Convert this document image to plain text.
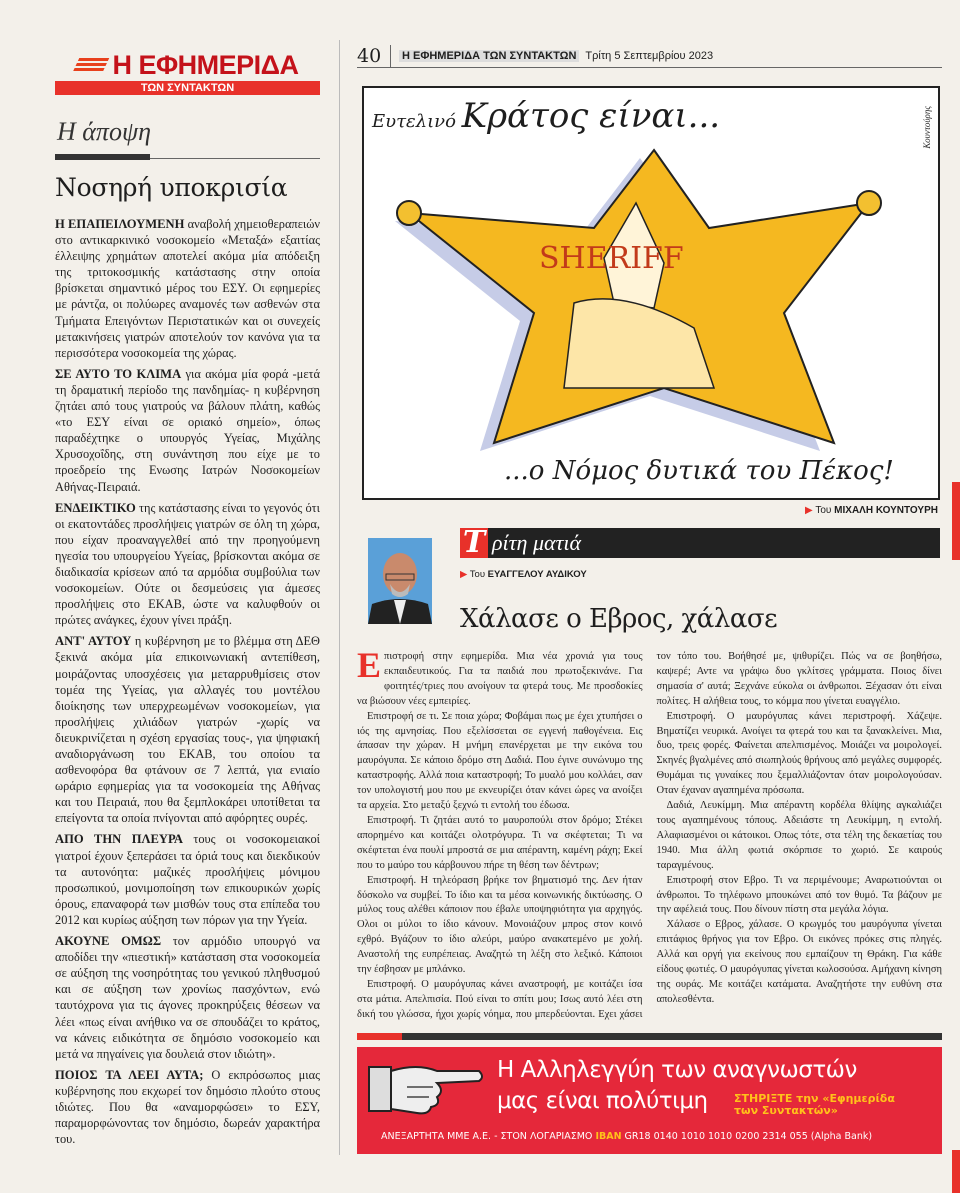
Η ΕΦΗΜΕΡΙΔΑ
ΤΩΝ ΣΥΝΤΑΚΤΩΝ
Η άποψη
Νοσηρή υποκρισία

Η ΕΠΑΠΕΙΛΟΥΜΕΝΗ αναβολή χημειοθεραπειών στο αντικαρκινικό νοσοκομείο «Μεταξά» εξαιτίας έλλειψης χρημάτων αποτελεί ακόμα μία απόδειξη της τριτοκοσμικής κατάστασης στην οποία βρίσκεται σημαντικό μέρος του ΕΣΥ. Οι εφημερίες με ράντζα, οι πολύωρες αναμονές των ασθενών στα Τμήματα Επειγόντων Περιστατικών και οι συνεχείς μετακινήσεις γιατρών αποτελούν τον κανόνα για τα περισσότερα νοσοκομεία της χώρας.

ΣΕ ΑΥΤΟ ΤΟ ΚΛΙΜΑ για ακόμα μία φορά -μετά τη δραματική περίοδο της πανδημίας- η κυβέρνηση ζητάει από τους γιατρούς να βάλουν πλάτη, καθώς «το ΕΣΥ είναι σε οριακό σημείο», όπως παραδέχτηκε ο υπουργός Υγείας, Μιχάλης Χρυσοχοΐδης, στη συνάντηση που είχε με το προεδρείο της Ενωσης Ιατρών Νοσοκομείων Αθήνας-Πειραιά.

ΕΝΔΕΙΚΤΙΚΟ της κατάστασης είναι το γεγονός ότι οι εκατοντάδες προσλήψεις γιατρών σε όλη τη χώρα, που είχαν προαναγγελθεί από την προηγούμενη ηγεσία του υπουργείου Υγείας, βρίσκονται ακόμα σε διαδικασία κρίσεων από τα αρμόδια συμβούλια των νοσοκομείων. Ούτε οι δεσμεύσεις για άμεσες προσλήψεις στο ΕΚΑΒ, ώστε να καλυφθούν οι πρώτες ανάγκες, έχουν γίνει πράξη.

ΑΝΤ' ΑΥΤΟΥ η κυβέρνηση με το βλέμμα στη ΔΕΘ ξεκινά ακόμα μία επικοινωνιακή αντεπίθεση, μοιράζοντας υποσχέσεις για μεταρρυθμίσεις στον τομέα της Υγείας, για αλλαγές του μοντέλου διοίκησης των υπερχρεωμένων νοσοκομείων, για προσλήψεις χιλιάδων γιατρών -χωρίς να διευκρινίζεται η σχέση εργασίας τους-, για ψηφιακή αναδιοργάνωση του ΕΚΑΒ, του οποίου τα ασθενοφόρα θα φτάνουν σε 7 λεπτά, για ενιαίο ωράριο εφημερίας για τα νοσοκομεία της Αθήνας και του Πειραιά, που θα ξεμπλοκάρει υποτίθεται τα επείγοντα τα οποία πνίγονται από αφόρητες ουρές.

ΑΠΟ ΤΗΝ ΠΛΕΥΡΑ τους οι νοσοκομειακοί γιατροί έχουν ξεπεράσει τα όριά τους και διεκδικούν τα αυτονόητα: μαζικές προσλήψεις μόνιμου προσωπικού, μονιμοποίηση των επικουρικών χωρίς όρους, επαναφορά των μισθών τους στα επίπεδα του 2012 και κυρίως αύξηση των πόρων για την Υγεία.

ΑΚΟΥΝΕ ΟΜΩΣ τον αρμόδιο υπουργό να αποδίδει την «πιεστική» κατάσταση στα νοσοκομεία σε αύξηση της νοσηρότητας του γενικού πληθυσμού και σε αύξηση των χρονίως πασχόντων, ενώ ταυτόχρονα για τις άγονες προκηρύξεις θέσεων να λέει «πως είναι ανήθικο να σε σπουδάζει το κράτος, να κάνεις ειδικότητα σε δημόσιο νοσοκομείο και μετά να πηγαίνεις για δουλειά στον ιδιώτη».

ΠΟΙΟΣ ΤΑ ΛΕΕΙ ΑΥΤΑ; Ο εκπρόσωπος μιας κυβέρνησης που εκχωρεί τον δημόσιο πλούτο στους ιδιώτες. Που θα «αναμορφώσει» το ΕΣΥ, παραμορφώνοντας τον δημόσιο, δωρεάν χαρακτήρα του.

40	Η ΕΦΗΜΕΡΙΔΑ ΤΩΝ ΣΥΝΤΑΚΤΩΝ Τρίτη 5 Σεπτεμβρίου 2023
SHERIFF
Ευτελινό Κράτος είναι...
...ο Νόμος δυτικά του Πέκος!
Κουντούρης
▶ Του ΜΙΧΑΛΗ ΚΟΥΝΤΟΥΡΗ
Τ ρίτη ματιά
▶ Του ΕΥΑΓΓΕΛΟΥ ΑΥΔΙΚΟΥ
Χάλασε ο Εβρος, χάλασε

Επιστροφή στην εφημερίδα. Μια νέα χρονιά για τους εκπαιδευτικούς. Για τα παιδιά που πρωτοξεκινάνε. Για φοιτητές/τριες που ανοίγουν τα φτερά τους. Με προσδοκίες να βιώσουν νέες εμπειρίες.

Επιστροφή σε τι. Σε ποια χώρα; Φοβάμαι πως με έχει χτυπήσει ο ιός της αμνησίας. Που εξελίσσεται σε εγγενή παθογένεια. Εις άπασαν την χώραν. Η μνήμη επανέρχεται με την εικόνα του μαυρόγυπα. Σε κάποιο δρόμο στη Δαδιά. Που έγινε συνώνυμο της καταστροφής. Αλλά ποια καταστροφή; Το μυαλό μου κολλάει, σαν τον υπολογιστή μου που με εκνευρίζει όταν κάνει ώρες να ανοίξει τα αρχεία. Στο μεταξύ ξεχνώ τι εντολή του έδωσα.

Επιστροφή. Τι ζητάει αυτό το μαυροπούλι στον δρόμο; Στέκει απορημένο και κοιτάζει ολοτρόγυρα. Τι να σκέφτεται; Τι να σκέφτεται ένα πουλί μπροστά σε μια απέραντη, καμένη ράχη; Εκεί που το μαύρο του κάρβουνου πήρε τη θέση των δέντρων;

Επιστροφή. Η τηλεόραση βρήκε τον βηματισμό της. Δεν ήταν δύσκολο να συμβεί. Το ίδιο και τα μέσα κοινωνικής δικτύωσης. Ο μύλος τους αλέθει κάποιον που έβαλε υποψηφιότητα για αρχηγός. Ολοι οι μύλοι το ίδιο κάνουν. Μονοιάζουν μπρος στον κοινό εχθρό. Βγάζουν το ίδιο αλεύρι, μαύρο ανακατεμένο με χολή. Αναστολή της ευπρέπειας. Αναζητώ τη λέξη στο λεξικό. Κάποιοι την έσβησαν με μπλάνκο.

Επιστροφή. Ο μαυρόγυπας κάνει αναστροφή, με κοιτάζει ίσα στα μάτια. Απελπισία. Πού είναι το σπίτι μου; Ισως αυτό λέει στη δική του γλώσσα, ήχοι χωρίς νόημα, που μπερδεύονται. Εχει χάσει τον τόπο του. Βοήθησέ με, ψιθυρίζει. Πώς να σε βοηθήσω, καψερέ; Αντε να γράψω δυο γκλίτσες γράμματα. Ποιος δίνει σημασία σ' αυτά; Ξεχνάνε εύκολα οι άνθρωποι. Ξέχασαν ότι είναι πολίτες. Η αλήθεια τους, το κόμμα που γίνεται ευαγγέλιο.

Επιστροφή. Ο μαυρόγυπας κάνει περιστροφή. Χάζεψε. Βηματίζει νευρικά. Ανοίγει τα φτερά του και τα ξανακλείνει. Μια, δυο, τρεις φορές. Φαίνεται απελπισμένος. Μοιάζει να μοιρολογεί. Σκηνές βγαλμένες από σιωπηλούς θρήνους από μεγάλες συμφορές. Θυμάμαι τις γυναίκες που ξεμαλλιάζονταν όταν μοιρολογούσαν. Οταν έχαναν αγαπημένα πρόσωπα.

Δαδιά, Λευκίμμη. Μια απέραντη κορδέλα θλίψης αγκαλιάζει τους αγαπημένους τόπους. Αδειάστε τη Λευκίμμη, η εντολή. Αλαφιασμένοι οι κάτοικοι. Οπως τότε, στα τέλη της δεκαετίας του 1940. Μια άλλη φωτιά σκόρπισε το χωριό. Σε καιρούς ταραγμένους.

Επιστροφή στον Εβρο. Τι να περιμένουμε; Αναρωτιούνται οι άνθρωποι. Το τηλέφωνο μπουκώνει από τον θυμό. Τα βάζουν με την αφέλειά τους. Που δίνουν πίστη στα μεγάλα λόγια.

Χάλασε ο Εβρος, χάλασε. Ο κρωγμός του μαυρόγυπα γίνεται επιτάφιος θρήνος για τον Εβρο. Οι εικόνες πρόκες στις πληγές. Αλλά και οργή για εκείνους που εμπαίζουν τη Θράκη. Για κάθε είδους φωτιές. Ο μαυρόγυπας γίνεται κωλοσούσα. Αμήχανη κίνηση της ουράς. Με κοιτάζει κατάματα. Αναζητήστε την ευθύνη στα απολεσθέντα.

Η Αλληλεγγύη των αναγνωστών
μας είναι πολύτιμη ΣΤΗΡΙΞΤΕ την «Εφημερίδα των Συντακτών»
ΑΝΕΞΑΡΤΗΤΑ ΜΜΕ Α.Ε. - ΣΤΟΝ ΛΟΓΑΡΙΑΣΜΟ IBAN GR18 0140 1010 1010 0200 2314 055 (Alpha Bank)
